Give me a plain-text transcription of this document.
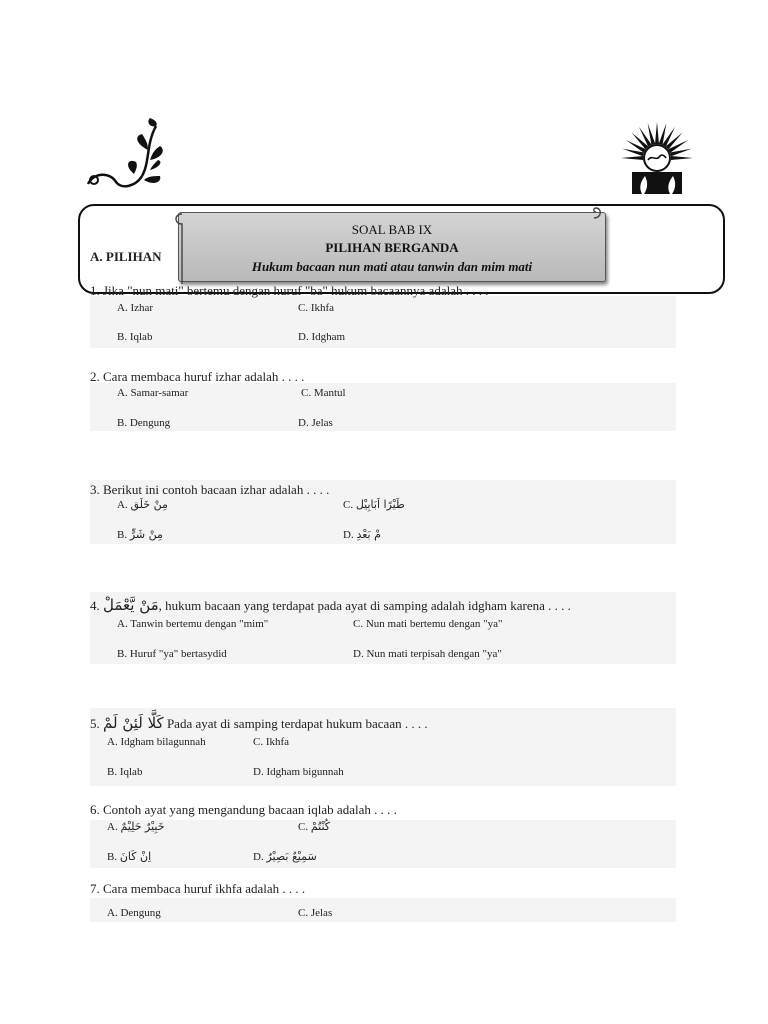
A. PILIHAN
SOAL BAB IX
PILIHAN BERGANDA
Hukum bacaan nun mati atau tanwin dan mim mati
1. Jika "nun mati" bertemu dengan huruf "ba" hukum bacaannya adalah . . . .
A. Izhar	C. Ikhfa
B. Iqlab	D. Idgham
2. Cara membaca huruf izhar adalah . . . .
A. Samar-samar	C. Mantul
B. Dengung	D. Jelas
3. Berikut ini contoh bacaan izhar adalah . . . .
A. مِنْ خَلَق	C. طَيْرًا اَبَابِيْل
B. مِنْ شَرٍّ	D. مْ بَعْدِ
4. مَنْ يَّعْمَلْ, hukum bacaan yang terdapat pada ayat di samping adalah idgham karena . . . .
A. Tanwin bertemu dengan "mim"	C. Nun mati bertemu dengan "ya"
B. Huruf "ya" bertasydid	D. Nun mati terpisah dengan "ya"
5. كَلَّا لَئِنْ لَمْ Pada ayat di samping terdapat hukum bacaan . . . .
A. Idgham bilagunnah	C. Ikhfa
B. Iqlab	D. Idgham bigunnah
6. Contoh ayat yang mengandung bacaan iqlab adalah . . . .
A. خَبِيْرٌ حَلِيْمٌ	C. كُنْتُمْ
B. اِنْ كَانَ	D. سَمِيْعٌ بَصِيْرٌ
7. Cara membaca huruf ikhfa adalah . . . .
A. Dengung	C. Jelas
